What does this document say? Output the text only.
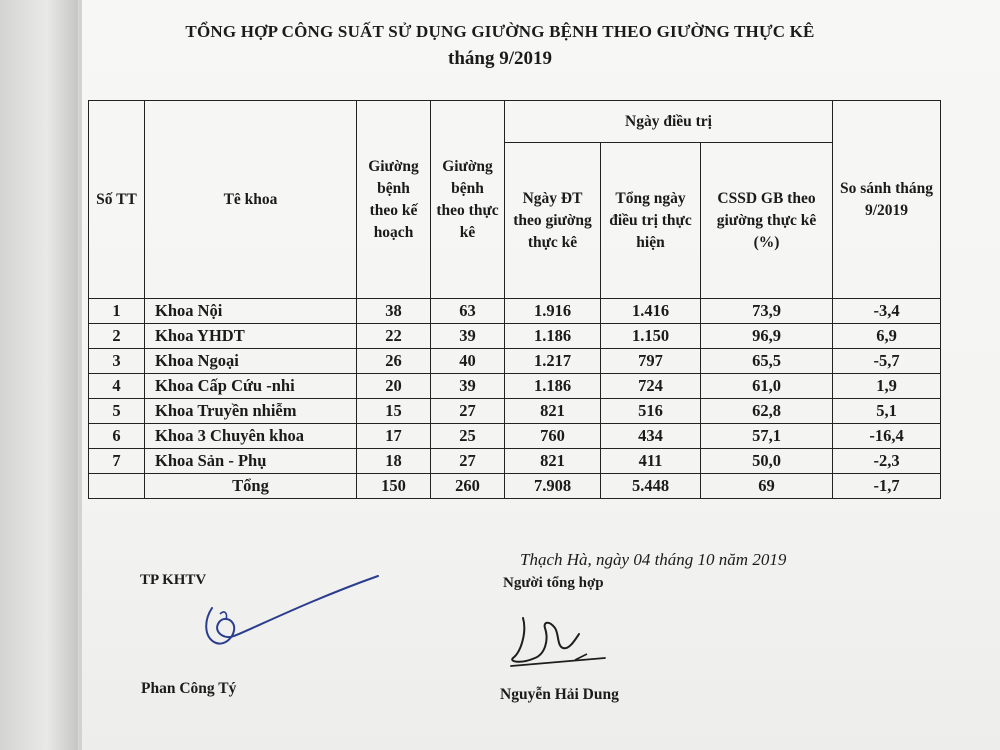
TỔNG HỢP CÔNG SUẤT SỬ DỤNG GIƯỜNG BỆNH THEO GIƯỜNG THỰC KÊ
tháng 9/2019
Số TT	Tê khoa	Giường bệnh theo kế hoạch	Giường bệnh theo thực kê	Ngày điều trị			So sánh tháng 9/2019
				Ngày ĐT theo giường thực kê	Tổng ngày điều trị thực hiện	CSSD GB theo giường thực kê (%)	
1	Khoa Nội	38	63	1.916	1.416	73,9	-3,4
2	Khoa YHDT	22	39	1.186	1.150	96,9	6,9
3	Khoa Ngoại	26	40	1.217	797	65,5	-5,7
4	Khoa Cấp Cứu -nhi	20	39	1.186	724	61,0	1,9
5	Khoa Truyền nhiễm	15	27	821	516	62,8	5,1
6	Khoa 3 Chuyên khoa	17	25	760	434	57,1	-16,4
7	Khoa Sản - Phụ	18	27	821	411	50,0	-2,3
	Tổng	150	260	7.908	5.448	69	-1,7
Thạch Hà, ngày 04 tháng 10 năm 2019
TP KHTV	Người tổng hợp
Phan Công Tý	Nguyễn Hải Dung
